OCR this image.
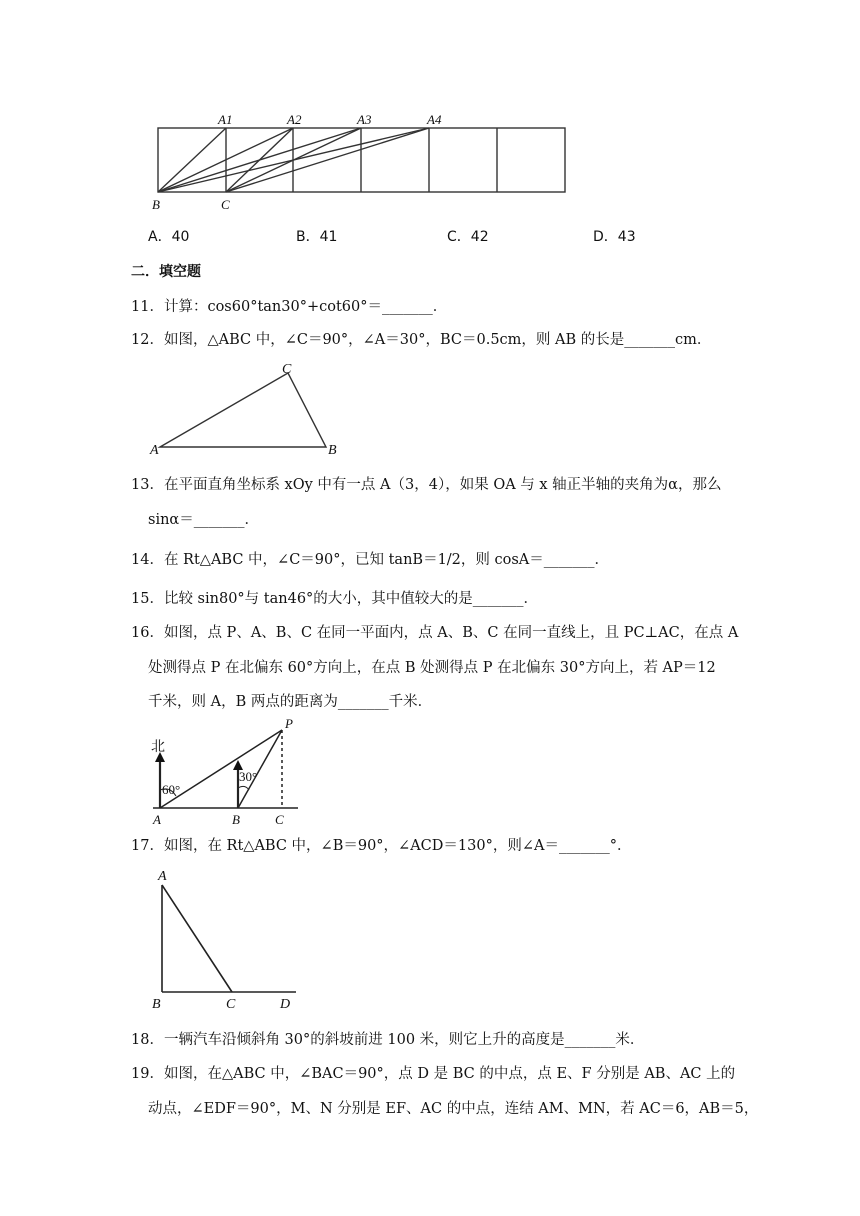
A1	A2	A3	A4
B	C
A．40	B．41	C．42	D．43
二．填空题
11．计算：cos60°tan30°+cot60°＝_______．
12．如图，△ABC 中，∠C＝90°，∠A＝30°，BC＝0.5cm，则 AB 的长是_______cm．
A	B
C
13．在平面直角坐标系 xOy 中有一点 A（3，4），如果 OA 与 x 轴正半轴的夹角为α，那么
sinα＝_______．
14．在 Rt△ABC 中，∠C＝90°，已知 tanB＝1/2，则 cosA＝_______．
15．比较 sin80°与 tan46°的大小，其中值较大的是_______．
16．如图，点 P、A、B、C 在同一平面内，点 A、B、C 在同一直线上，且 PC⊥AC，在点 A
处测得点 P 在北偏东 60°方向上，在点 B 处测得点 P 在北偏东 30°方向上，若 AP＝12
千米，则 A，B 两点的距离为_______千米．
北
60°
30°
A	B	C
P
17．如图，在 Rt△ABC 中，∠B＝90°，∠ACD＝130°，则∠A＝_______°．
A
B	C	D
18．一辆汽车沿倾斜角 30°的斜坡前进 100 米，则它上升的高度是_______米．
19．如图，在△ABC 中，∠BAC＝90°，点 D 是 BC 的中点，点 E、F 分别是 AB、AC 上的
动点，∠EDF＝90°，M、N 分别是 EF、AC 的中点，连结 AM、MN，若 AC＝6，AB＝5，
